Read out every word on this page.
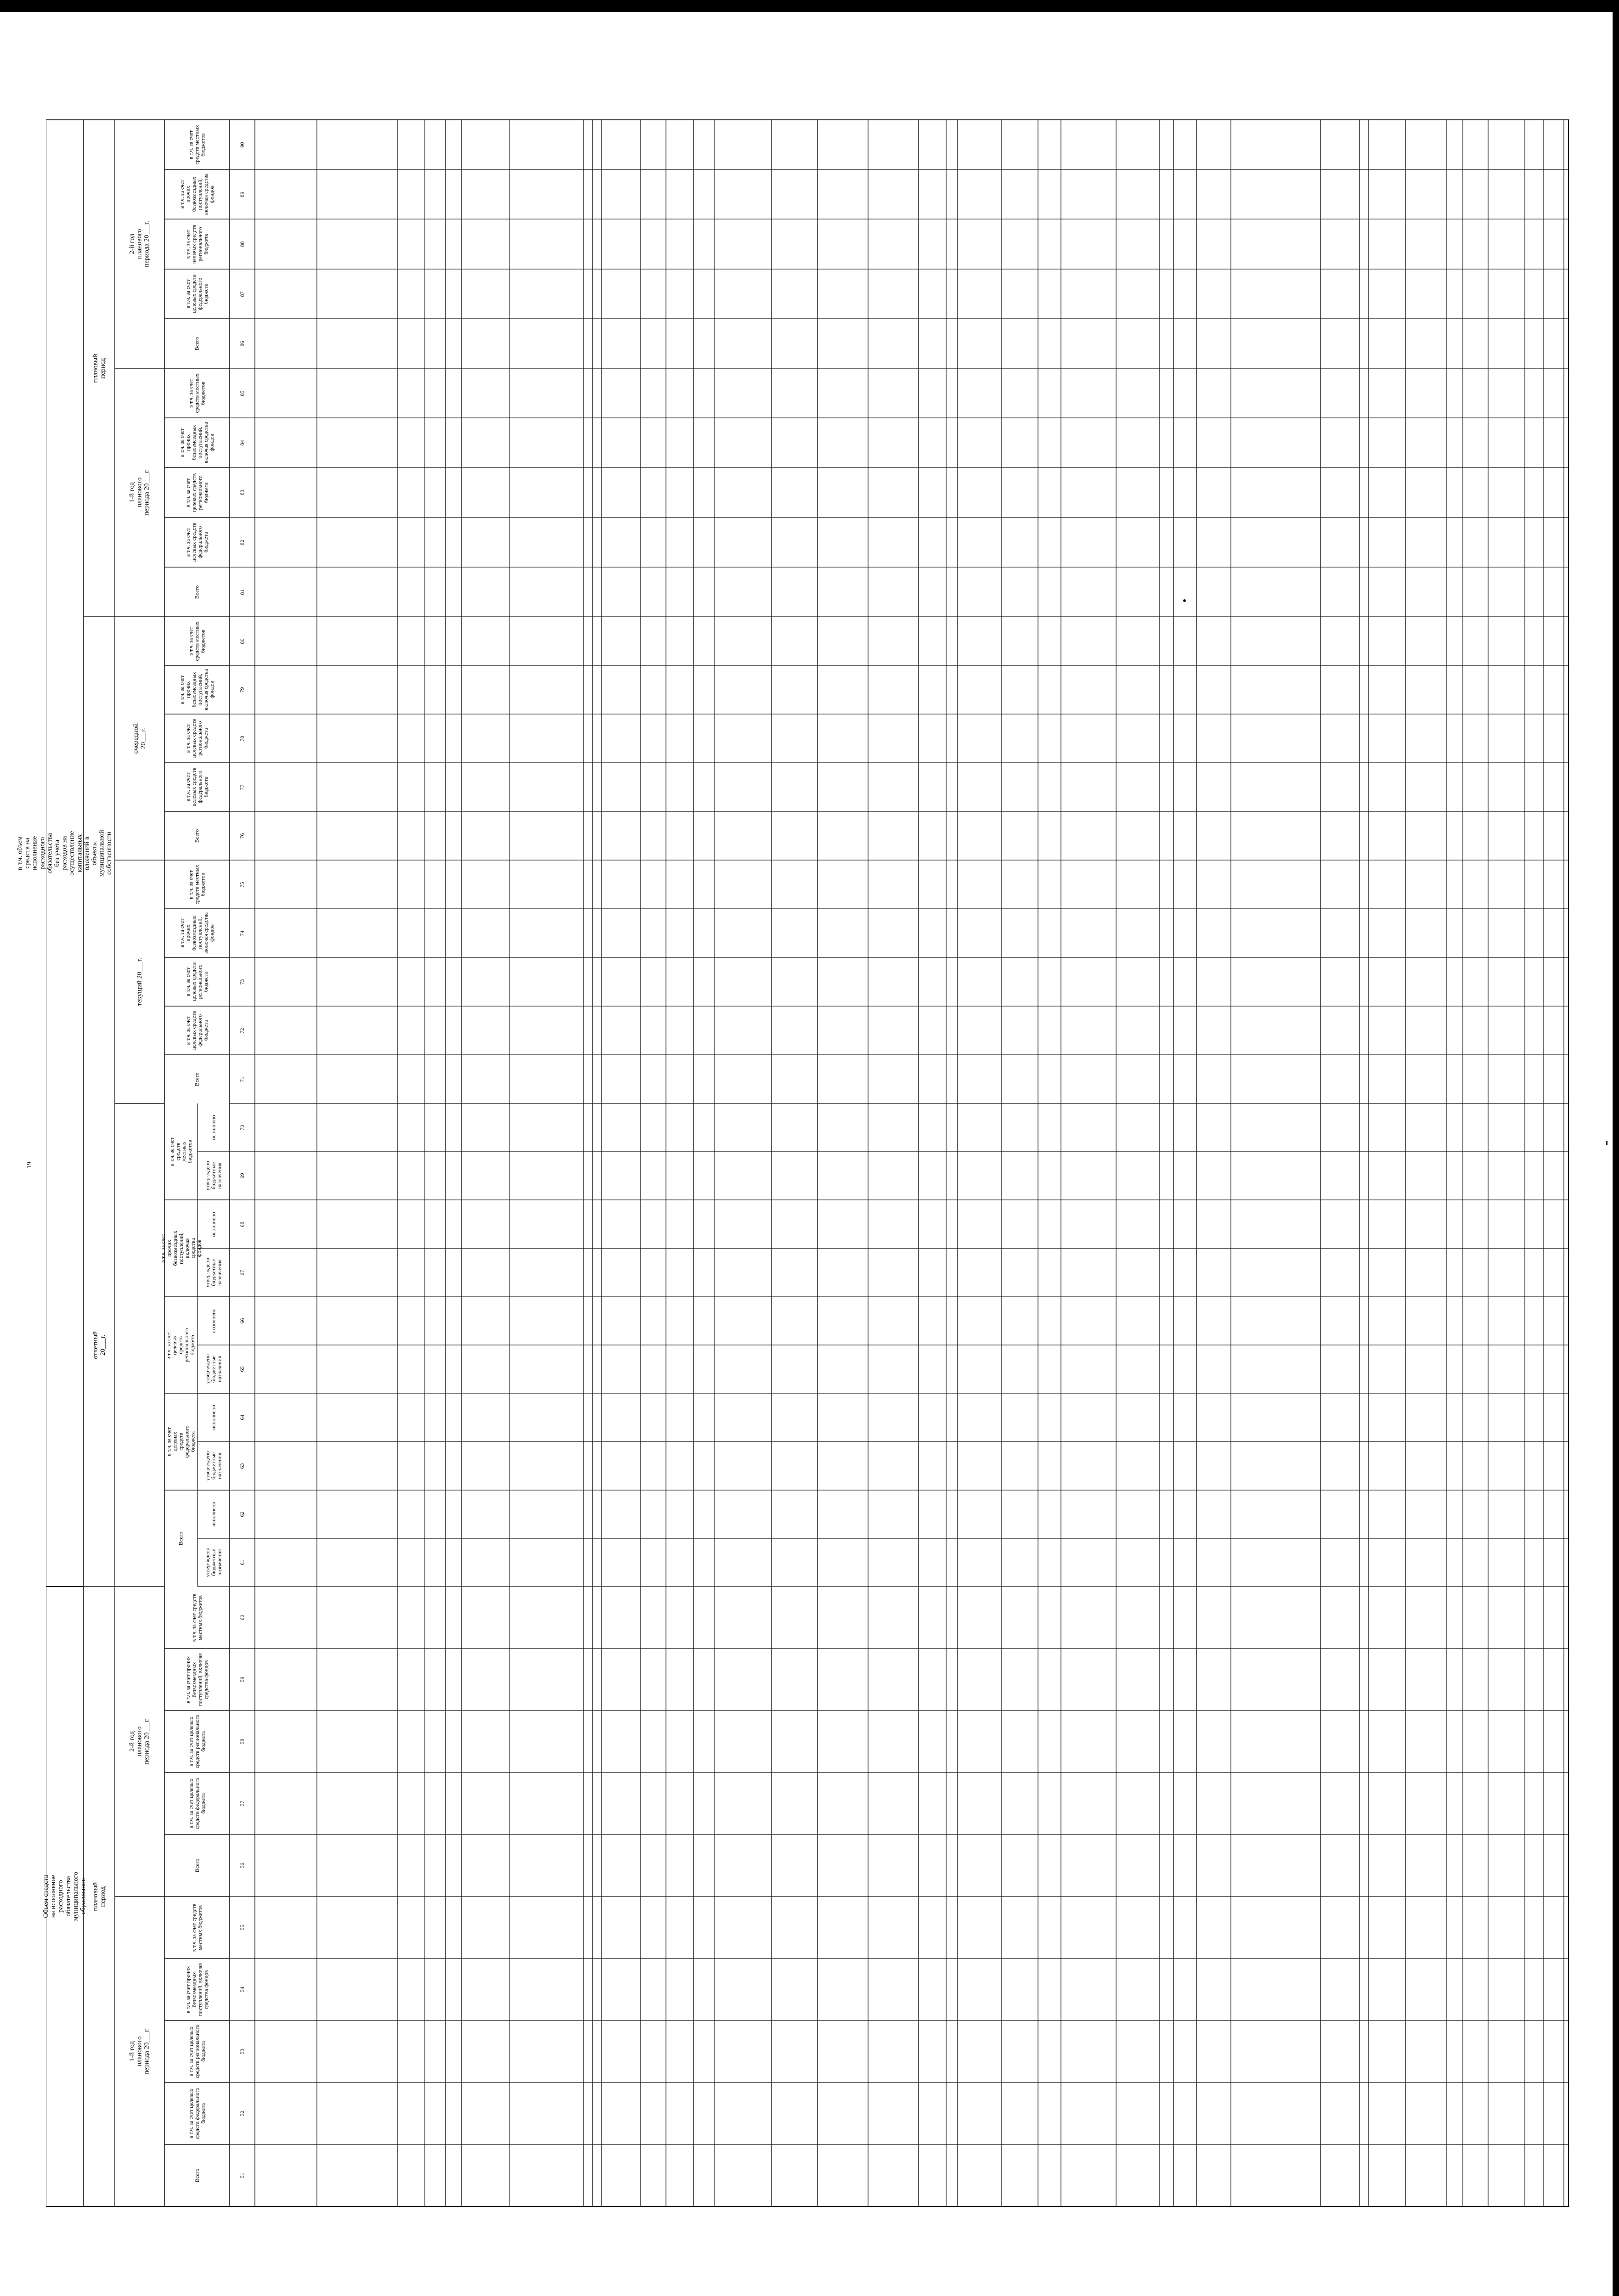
19
Объем средств на исполнение расходного обязательства муниципального образования
в т.ч. объем средств на исполнение расходного обязательства без учета расходов на осуществление капитальных вложений в объекты муниципальной собственности
плановый период
отчетный 20___г.
плановый период
1-й год планового периода 20___г.
2-й год планового периода 20___г.
текущий 20___г.
очередной 20___г.
1-й год планового периода 20___г.
2-й год планового периода 20___г.
Всего
в т.ч. за счет целевых средств федерального бюджета
в т.ч. за счет целевых средств регионального бюджета
в т.ч. за счет прочих безвозмездных поступлений, включая средства фондов
в т.ч. за счет средств местных бюджетов
Всего
в т.ч. за счет целевых средств федерального бюджета
в т.ч. за счет целевых средств регионального бюджета
в т.ч. за счет прочих безвозмездных поступлений, включая средства фондов
в т.ч. за счет средств местных бюджетов
Всего
в т.ч. за счет целевых средств федерального бюджета
в т.ч. за счет целевых средств регионального бюджета
в т.ч. за счет прочих безвозмездных поступлений, включая средства фондов
в т.ч. за счет средств местных бюджетов
Всего
в т.ч. за счет целевых средств федерального бюджета
в т.ч. за счет целевых средств регионального бюджета
в т.ч. за счет прочих безвозмездных поступлений, включая средства фондов
в т.ч. за счет средств местных бюджетов
Всего
в т.ч. за счет целевых средств федерального бюджета
в т.ч. за счет целевых средств регионального бюджета
в т.ч. за счет прочих безвозмездных поступлений, включая средства фондов
в т.ч. за счет средств местных бюджетов
Всего
в т.ч. за счет целевых средств федерального бюджета
в т.ч. за счет целевых средств регионального бюджета
в т.ч. за счет прочих безвозмездных поступлений, включая средства фондов
в т.ч. за счет средств местных бюджетов
Всего
утвер-ждено бюджетные назначения
исполнено
в т.ч. за счет целевых средств федерального бюджета
утвер-ждено бюджетные назначения
исполнено
в т.ч. за счет целевых средств регионального бюджета
утвер-ждено бюджетные назначения
исполнено
в т.ч. за счет прочих безвозмездных поступлений, включая средства фондов
утвер-ждено бюджетные назначения
исполнено
в т.ч. за счет средств местных бюджетов
утвер-ждено бюджетные назначения
исполнено
51
52
53
54
55
56
57
58
59
60
61
62
63
64
65
66
67
68
69
70
71
72
73
74
75
76
77
78
79
80
81
82
83
84
85
86
87
88
89
90
